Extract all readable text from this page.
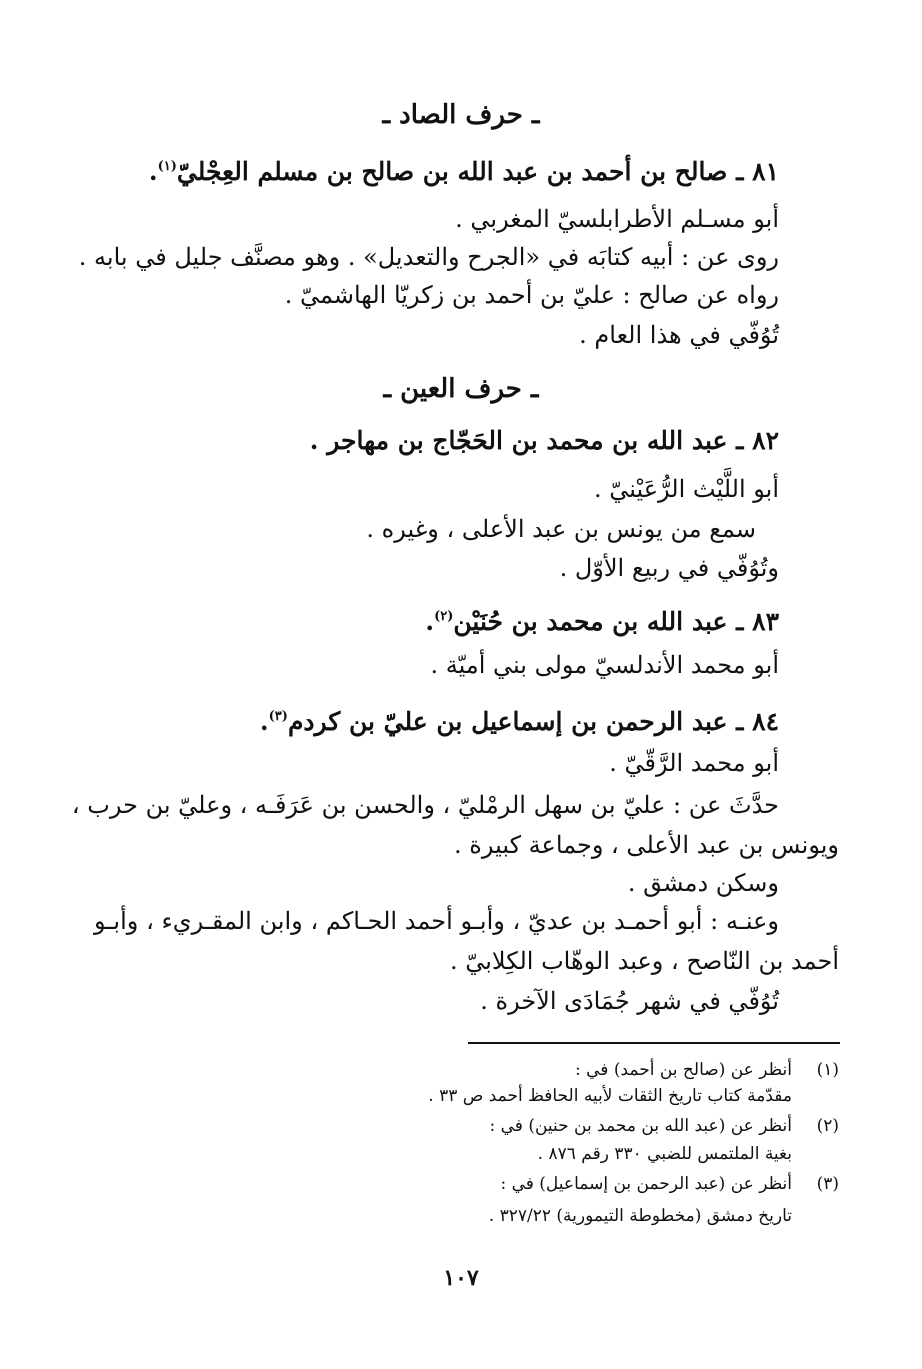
ـ حرف الصاد ـ
٨١ ـ صالح بن أحمد بن عبد الله بن صالح بن مسلم العِجْليّ$^{(١)}$.
أبو مسـلم الأطرابلسيّ المغربي .
روى عن : أبيه كتابَه في «الجرح والتعديل» . وهو مصنَّف جليل في بابه .
رواه عن صالح : عليّ بن أحمد بن زكريّا الهاشميّ .
تُوُفّي في هذا العام .
ـ حرف العين ـ
٨٢ ـ عبد الله بن محمد بن الحَجّاج بن مهاجر .
أبو اللَّيْث الرُّعَيْنيّ .
سمع من يونس بن عبد الأعلى ، وغيره .
وتُوُفّي في ربيع الأوّل .
٨٣ ـ عبد الله بن محمد بن حُنَيْن$^{(٢)}$.
أبو محمد الأندلسيّ مولى بني أميّة .
٨٤ ـ عبد الرحمن بن إسماعيل بن عليّ بن كردم$^{(٣)}$.
أبو محمد الرَّقّيّ .
حدَّثَ عن : عليّ بن سهل الرمْليّ ، والحسن بن عَرَفَـه ، وعليّ بن حرب ،
ويونس بن عبد الأعلى ، وجماعة كبيرة .
وسكن دمشق .
وعنـه : أبو أحمـد بن عديّ ، وأبـو أحمد الحـاكم ، وابن المقـريء ، وأبـو
أحمد بن النّاصح ، وعبد الوهّاب الكِلابيّ .
تُوُفّي في شهر جُمَادَى الآخرة .
(١)
أنظر عن (صالح بن أحمد) في :
مقدّمة كتاب تاريخ الثقات لأبيه الحافظ أحمد ص ٣٣ .
(٢)
أنظر عن (عبد الله بن محمد بن حنين) في :
بغية الملتمس للضبي ٣٣٠ رقم ٨٧٦ .
(٣)
أنظر عن (عبد الرحمن بن إسماعيل) في :
تاريخ دمشق (مخطوطة التيمورية) ٣٢٧/٢٢ .
١٠٧
